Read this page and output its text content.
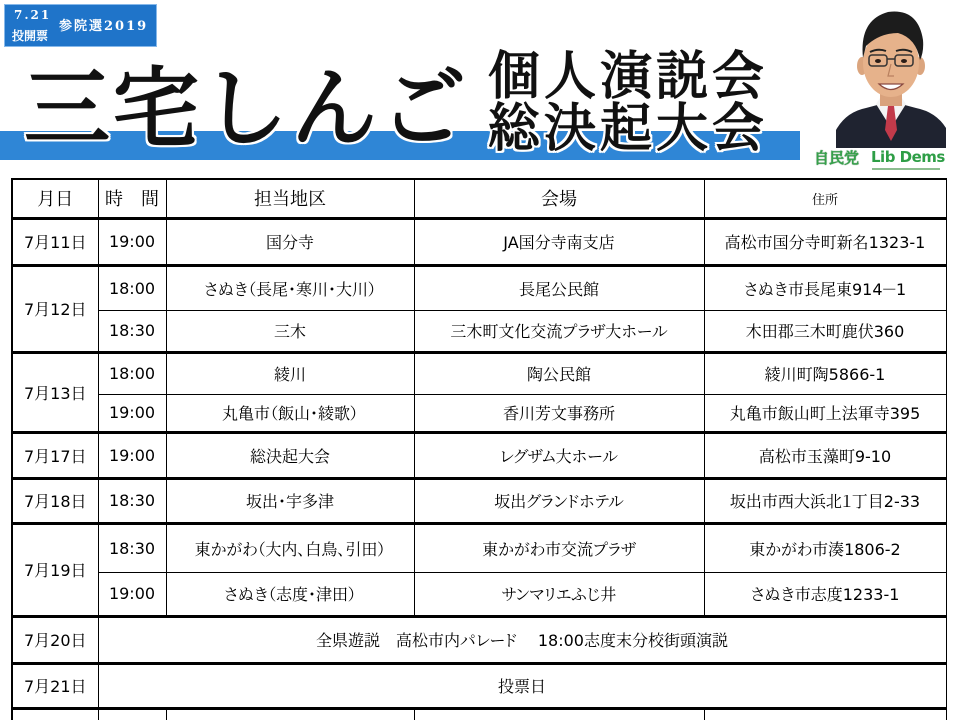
7.21
投開票
参院選2019
三宅しんご 個人演説会
総決起大会	自民党 Lib Dems
月日	時　間	担当地区	会場	住所
7月11日	19:00	国分寺	JA国分寺南支店	高松市国分寺町新名1323-1
7月12日	18:00	さぬき（長尾・寒川・大川）	長尾公民館	さぬき市長尾東914－1
	18:30	三木	三木町文化交流プラザ大ホール	木田郡三木町鹿伏360
7月13日	18:00	綾川	陶公民館	綾川町陶5866-1
	19:00	丸亀市（飯山・綾歌）	香川芳文事務所	丸亀市飯山町上法軍寺395
7月17日	19:00	総決起大会	レグザム大ホール	高松市玉藻町9-10
7月18日	18:30	坂出・宇多津	坂出グランドホテル	坂出市西大浜北１丁目2-33
7月19日	18:30	東かがわ（大内、白鳥、引田）	東かがわ市交流プラザ	東かがわ市湊1806-2
	19:00	さぬき（志度・津田）	サンマリエふじ井	さぬき市志度1233-1
7月20日	全県遊説　高松市内パレード　 18:00志度末分校街頭演説			
7月21日	投票日			
